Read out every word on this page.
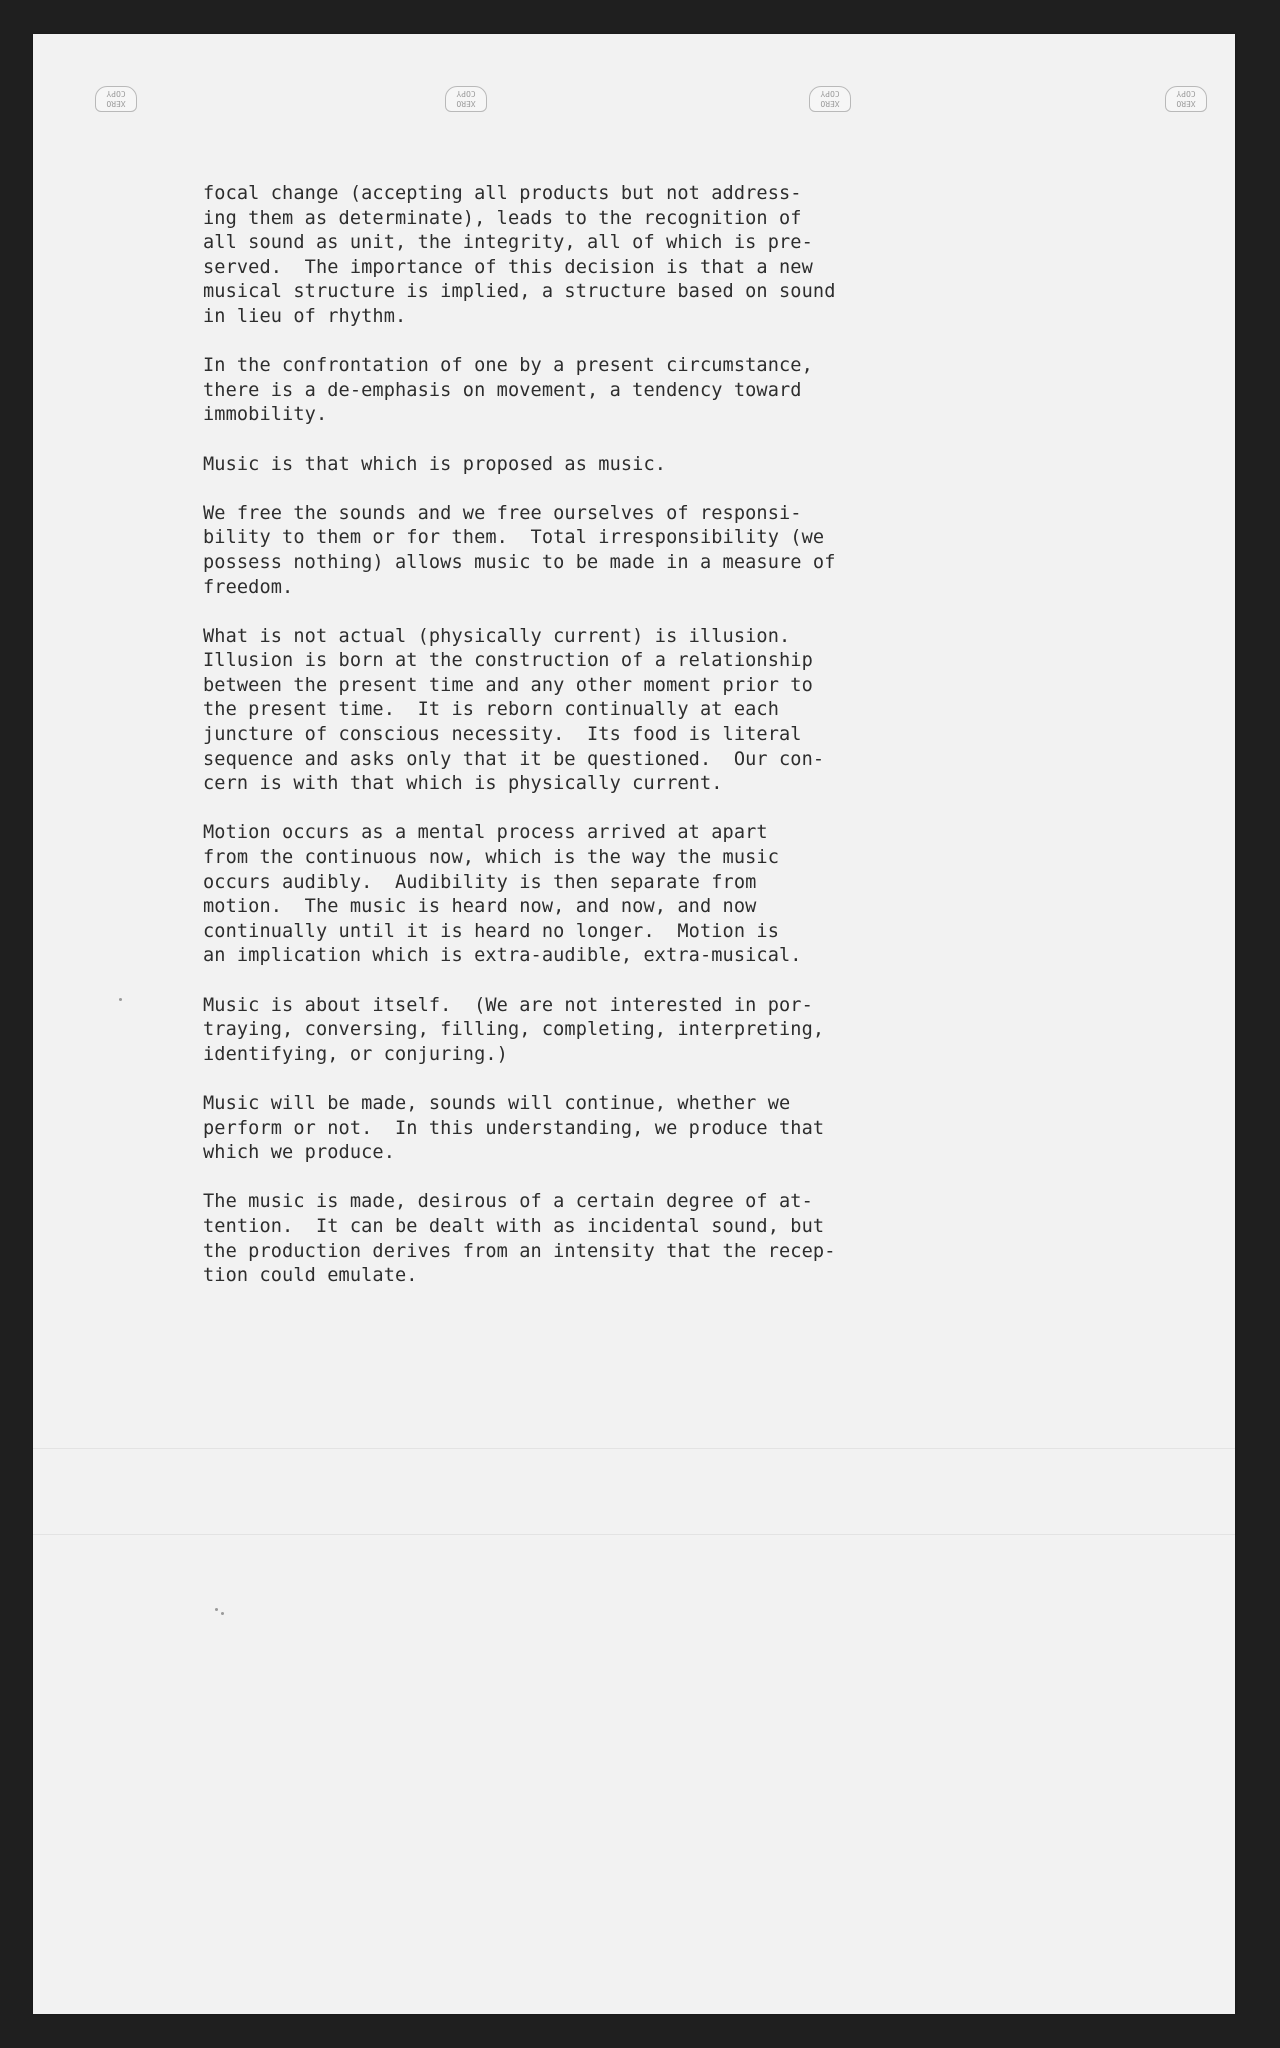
XERO COPY
XERO COPY
XERO COPY
XERO COPY
focal change (accepting all products but not address-
ing them as determinate), leads to the recognition of
all sound as unit, the integrity, all of which is pre-
served.  The importance of this decision is that a new
musical structure is implied, a structure based on sound
in lieu of rhythm.
In the confrontation of one by a present circumstance,
there is a de-emphasis on movement, a tendency toward
immobility.
Music is that which is proposed as music.
We free the sounds and we free ourselves of responsi-
bility to them or for them.  Total irresponsibility (we
possess nothing) allows music to be made in a measure of
freedom.
What is not actual (physically current) is illusion.
Illusion is born at the construction of a relationship
between the present time and any other moment prior to
the present time.  It is reborn continually at each
juncture of conscious necessity.  Its food is literal
sequence and asks only that it be questioned.  Our con-
cern is with that which is physically current.
Motion occurs as a mental process arrived at apart
from the continuous now, which is the way the music
occurs audibly.  Audibility is then separate from
motion.  The music is heard now, and now, and now
continually until it is heard no longer.  Motion is
an implication which is extra-audible, extra-musical.
Music is about itself.  (We are not interested in por-
traying, conversing, filling, completing, interpreting,
identifying, or conjuring.)
Music will be made, sounds will continue, whether we
perform or not.  In this understanding, we produce that
which we produce.
The music is made, desirous of a certain degree of at-
tention.  It can be dealt with as incidental sound, but
the production derives from an intensity that the recep-
tion could emulate.
